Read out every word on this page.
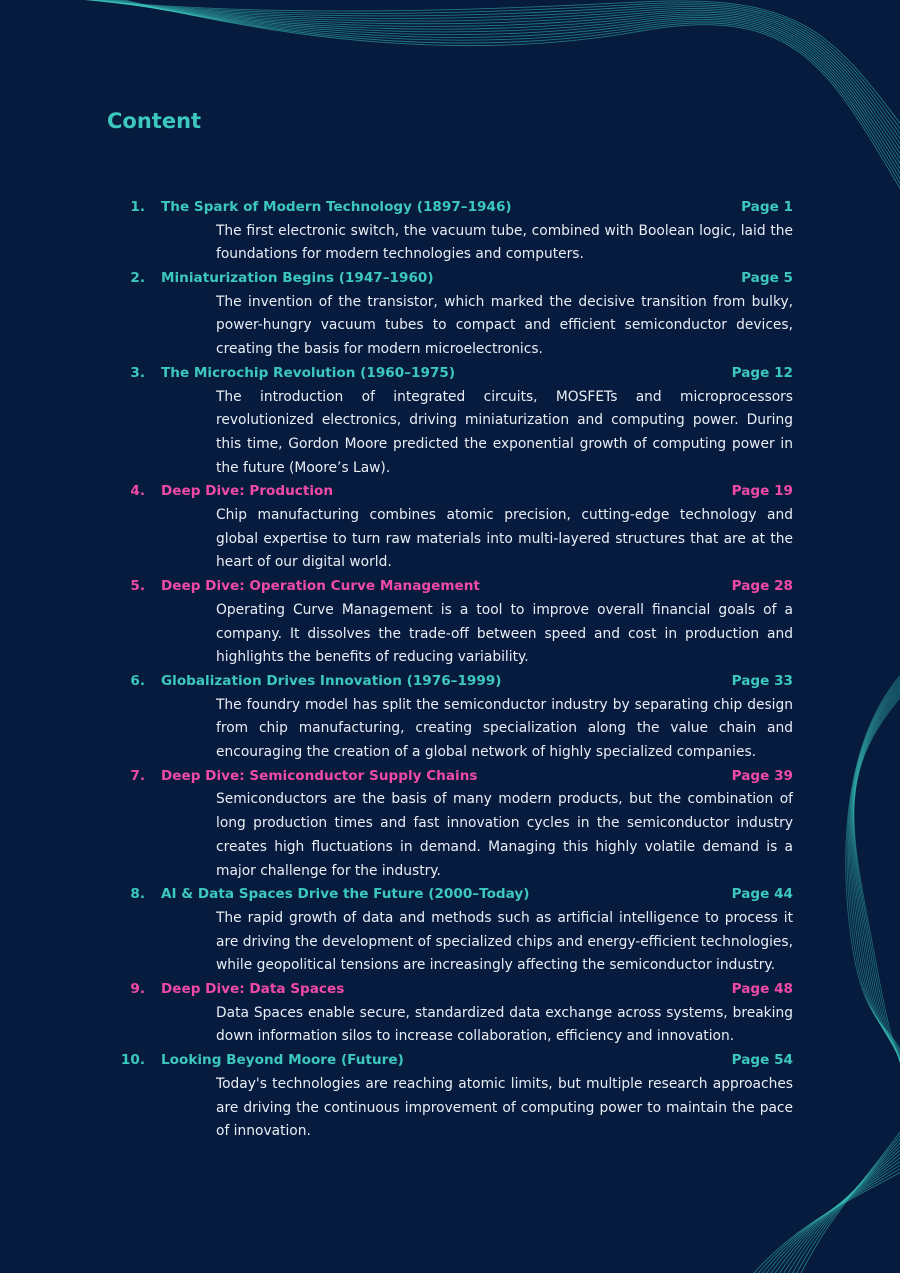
Content
1. The Spark of Modern Technology (1897–1946)	Page 1

The first electronic switch, the vacuum tube, combined with Boolean logic, laid the foundations for modern technologies and computers.

2. Miniaturization Begins (1947–1960)	Page 5

The invention of the transistor, which marked the decisive transition from bulky, power-hungry vacuum tubes to compact and efficient semiconductor devices, creating the basis for modern microelectronics.

3. The Microchip Revolution (1960–1975)	Page 12

The introduction of integrated circuits, MOSFETs and microprocessors revolutionized electronics, driving miniaturization and computing power. During this time, Gordon Moore predicted the exponential growth of computing power in the future (Moore’s Law).

4. Deep Dive: Production	Page 19

Chip manufacturing combines atomic precision, cutting-edge technology and global expertise to turn raw materials into multi-layered structures that are at the heart of our digital world.

5. Deep Dive: Operation Curve Management	Page 28

Operating Curve Management is a tool to improve overall financial goals of a company. It dissolves the trade-off between speed and cost in production and highlights the benefits of reducing variability.

6. Globalization Drives Innovation (1976–1999)	Page 33

The foundry model has split the semiconductor industry by separating chip design from chip manufacturing, creating specialization along the value chain and encouraging the creation of a global network of highly specialized companies.

7. Deep Dive: Semiconductor Supply Chains	Page 39

Semiconductors are the basis of many modern products, but the combination of long production times and fast innovation cycles in the semiconductor industry creates high fluctuations in demand. Managing this highly volatile demand is a major challenge for the industry.

8. AI & Data Spaces Drive the Future (2000–Today)	Page 44

The rapid growth of data and methods such as artificial intelligence to process it are driving the development of specialized chips and energy-efficient technologies, while geopolitical tensions are increasingly affecting the semiconductor industry.

9. Deep Dive: Data Spaces	Page 48

Data Spaces enable secure, standardized data exchange across systems, breaking down information silos to increase collaboration, efficiency and innovation.

10. Looking Beyond Moore (Future)	Page 54

Today's technologies are reaching atomic limits, but multiple research approaches are driving the continuous improvement of computing power to maintain the pace of innovation.
